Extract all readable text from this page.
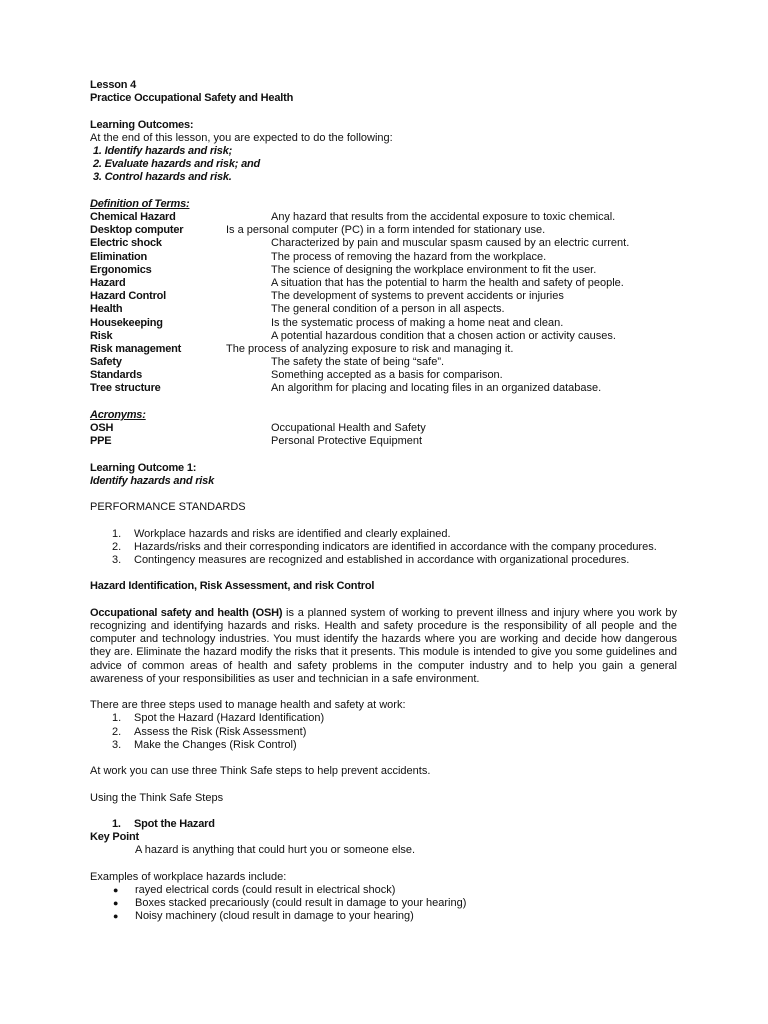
Lesson 4
Practice Occupational Safety and Health
Learning Outcomes:
At the end of this lesson, you are expected to do the following:
1. Identify hazards and risk;
2. Evaluate hazards and risk; and
3. Control hazards and risk.
Definition of Terms:
Chemical Hazard	Any hazard that results from the accidental exposure to toxic chemical.
Desktop computer	Is a personal computer (PC) in a form intended for stationary use.
Electric shock	Characterized by pain and muscular spasm caused by an electric current.
Elimination	The process of removing the hazard from the workplace.
Ergonomics	The science of designing the workplace environment to fit the user.
Hazard	A situation that has the potential to harm the health and safety of people.
Hazard Control	The development of systems to prevent accidents or injuries
Health	The general condition of a person in all aspects.
Housekeeping	Is the systematic process of making a home neat and clean.
Risk	A potential hazardous condition that a chosen action or activity causes.
Risk management	The process of analyzing exposure to risk and managing it.
Safety	The safety the state of being “safe”.
Standards	Something accepted as a basis for comparison.
Tree structure	An algorithm for placing and locating files in an organized database.
Acronyms:
OSH	Occupational Health and Safety
PPE	Personal Protective Equipment
Learning Outcome 1:
Identify hazards and risk
PERFORMANCE STANDARDS
1. Workplace hazards and risks are identified and clearly explained.
2. Hazards/risks and their corresponding indicators are identified in accordance with the company procedures.
3. Contingency measures are recognized and established in accordance with organizational procedures.
Hazard Identification, Risk Assessment, and risk Control
Occupational safety and health (OSH) is a planned system of working to prevent illness and injury where you work by recognizing and identifying hazards and risks. Health and safety procedure is the responsibility of all people and the computer and technology industries. You must identify the hazards where you are working and decide how dangerous they are. Eliminate the hazard modify the risks that it presents. This module is intended to give you some guidelines and advice of common areas of health and safety problems in the computer industry and to help you gain a general awareness of your responsibilities as user and technician in a safe environment.
There are three steps used to manage health and safety at work:
1. Spot the Hazard (Hazard Identification)
2. Assess the Risk (Risk Assessment)
3. Make the Changes (Risk Control)
At work you can use three Think Safe steps to help prevent accidents.
Using the Think Safe Steps
1. Spot the Hazard
Key Point
A hazard is anything that could hurt you or someone else.
Examples of workplace hazards include:
● rayed electrical cords (could result in electrical shock)
● Boxes stacked precariously (could result in damage to your hearing)
● Noisy machinery (cloud result in damage to your hearing)
